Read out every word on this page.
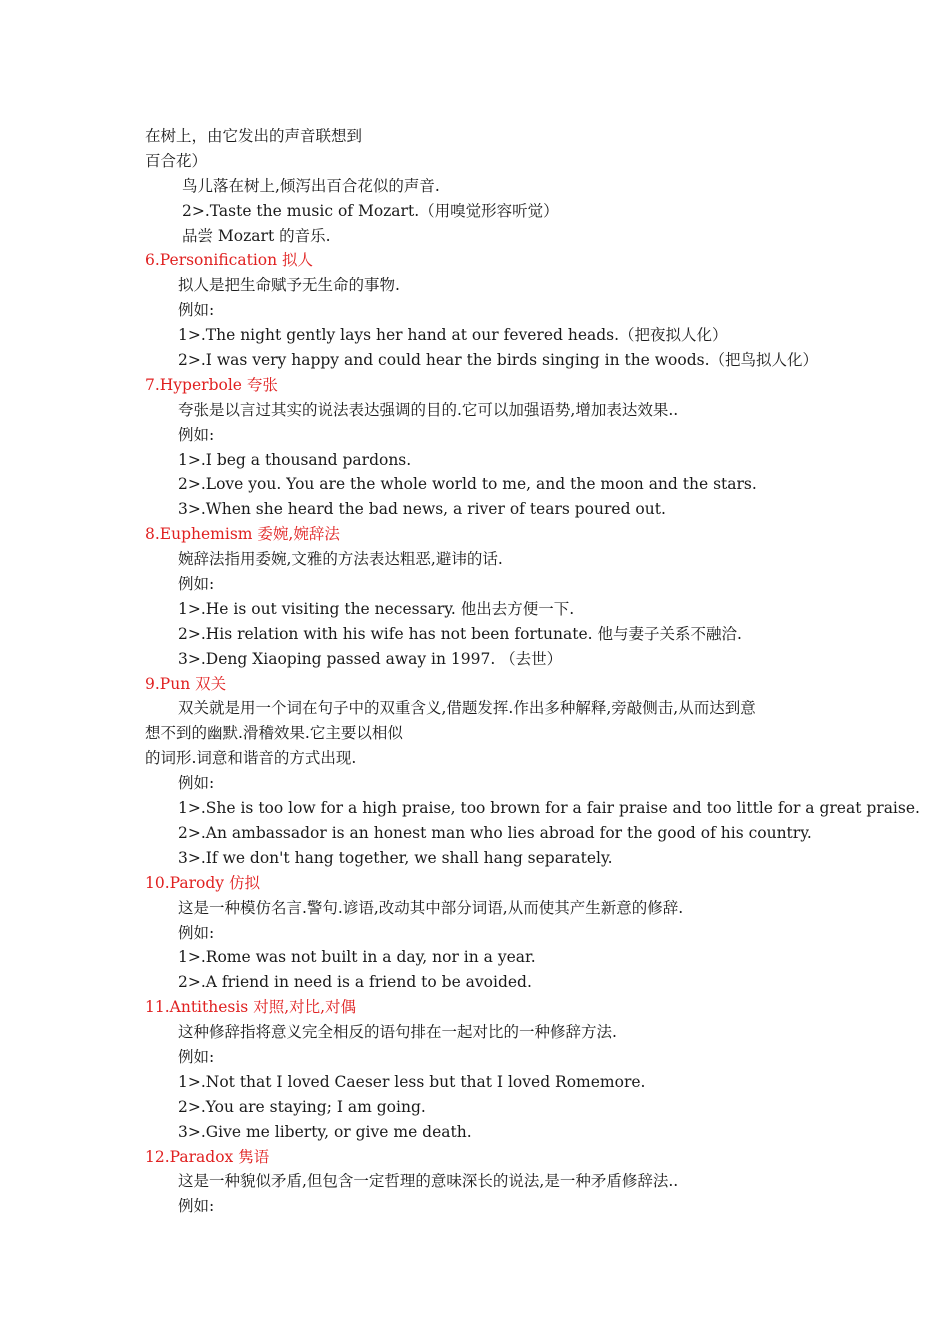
在树上，由它发出的声音联想到
百合花）
鸟儿落在树上,倾泻出百合花似的声音.
2>.Taste the music of Mozart.（用嗅觉形容听觉）
品尝 Mozart 的音乐.
6.Personification 拟人
拟人是把生命赋予无生命的事物.
例如:
1>.The night gently lays her hand at our fevered heads.（把夜拟人化）
2>.I was very happy and could hear the birds singing in the woods.（把鸟拟人化）
7.Hyperbole 夸张
夸张是以言过其实的说法表达强调的目的.它可以加强语势,增加表达效果..
例如:
1>.I beg a thousand pardons.
2>.Love you. You are the whole world to me, and the moon and the stars.
3>.When she heard the bad news, a river of tears poured out.
8.Euphemism 委婉,婉辞法
婉辞法指用委婉,文雅的方法表达粗恶,避讳的话.
例如:
1>.He is out visiting the necessary. 他出去方便一下.
2>.His relation with his wife has not been fortunate. 他与妻子关系不融洽.
3>.Deng Xiaoping passed away in 1997. （去世）
9.Pun 双关
双关就是用一个词在句子中的双重含义,借题发挥.作出多种解释,旁敲侧击,从而达到意
想不到的幽默.滑稽效果.它主要以相似
的词形.词意和谐音的方式出现.
例如:
1>.She is too low for a high praise, too brown for a fair praise and too little for a great praise.
2>.An ambassador is an honest man who lies abroad for the good of his country.
3>.If we don't hang together, we shall hang separately.
10.Parody 仿拟
这是一种模仿名言.警句.谚语,改动其中部分词语,从而使其产生新意的修辞.
例如:
1>.Rome was not built in a day, nor in a year.
2>.A friend in need is a friend to be avoided.
11.Antithesis 对照,对比,对偶
这种修辞指将意义完全相反的语句排在一起对比的一种修辞方法.
例如:
1>.Not that I loved Caeser less but that I loved Romemore.
2>.You are staying; I am going.
3>.Give me liberty, or give me death.
12.Paradox 隽语
这是一种貌似矛盾,但包含一定哲理的意味深长的说法,是一种矛盾修辞法..
例如:
